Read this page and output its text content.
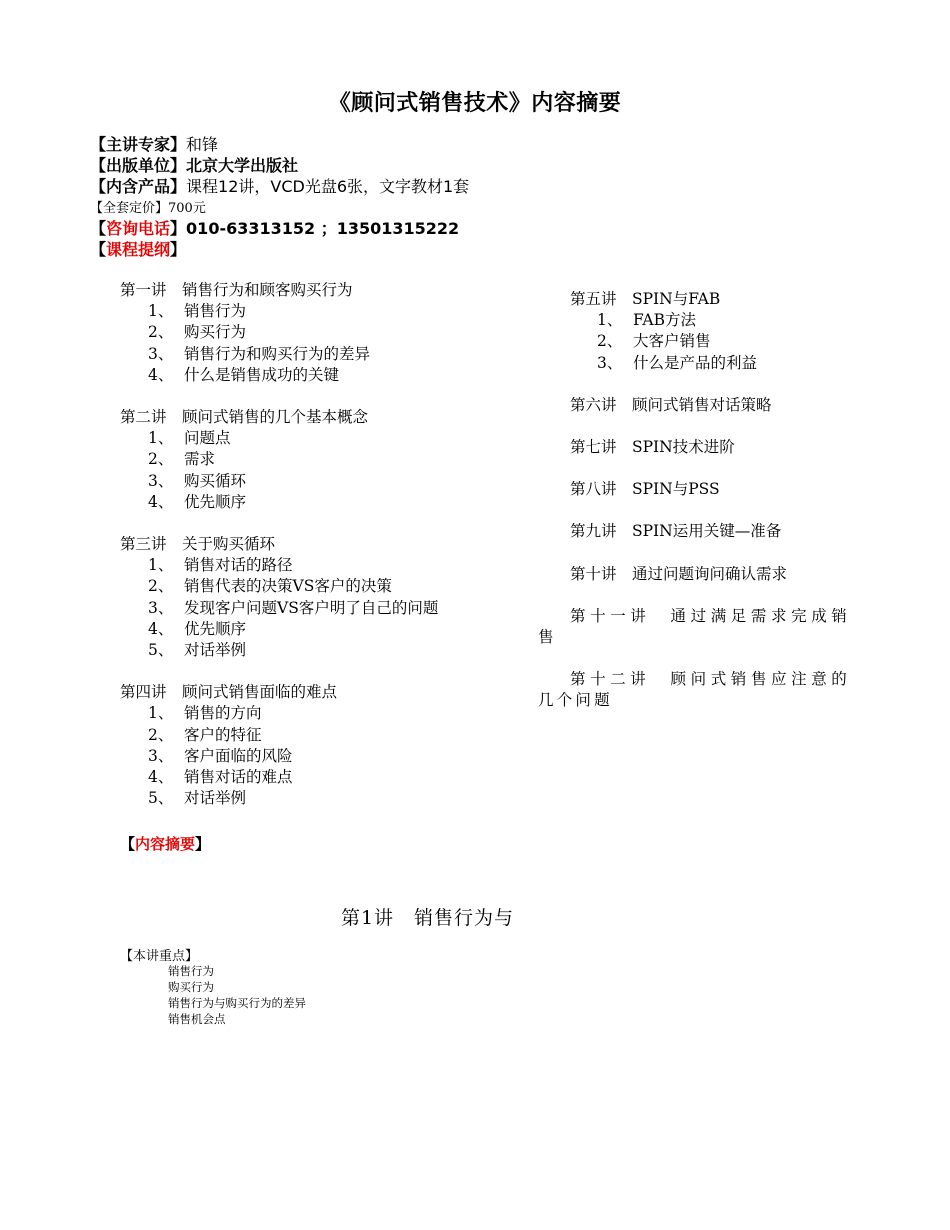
《顾问式销售技术》内容摘要
【主讲专家】和锋
【出版单位】北京大学出版社
【内含产品】课程12讲，VCD光盘6张，文字教材1套
【全套定价】700元
【咨询电话】010-63313152 ；13501315222
【课程提纲】
第一讲　销售行为和顾客购买行为
1、 销售行为
2、 购买行为
3、 销售行为和购买行为的差异
4、 什么是销售成功的关键
第二讲　顾问式销售的几个基本概念
1、 问题点
2、 需求
3、 购买循环
4、 优先顺序
第三讲　关于购买循环
1、 销售对话的路径
2、 销售代表的决策VS客户的决策
3、 发现客户问题VS客户明了自己的问题
4、 优先顺序
5、 对话举例
第四讲　顾问式销售面临的难点
1、 销售的方向
2、 客户的特征
3、 客户面临的风险
4、 销售对话的难点
5、 对话举例
第五讲　SPIN与FAB
1、 FAB方法
2、 大客户销售
3、 什么是产品的利益
第六讲　顾问式销售对话策略
第七讲　SPIN技术进阶
第八讲　SPIN与PSS
第九讲　SPIN运用关键—准备
第十讲　通过问题询问确认需求
第十一讲　通过满足需求完成销售
第十二讲　顾问式销售应注意的几个问题
【内容摘要】
第1讲　销售行为与
【本讲重点】
销售行为
购买行为
销售行为与购买行为的差异
销售机会点
